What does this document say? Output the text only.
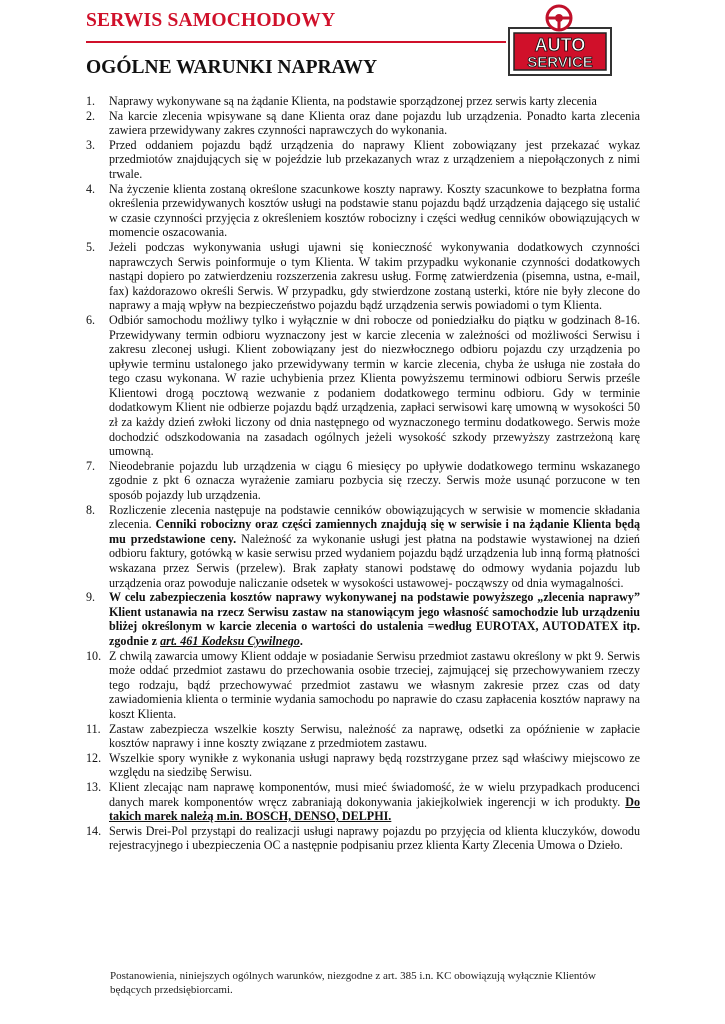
SERWIS SAMOCHODOWY
OGÓLNE WARUNKI NAPRAWY
AUTO
SERVICE
1. Naprawy wykonywane są na żądanie Klienta, na podstawie sporządzonej przez serwis karty zlecenia
2. Na karcie zlecenia wpisywane są dane Klienta oraz dane pojazdu lub urządzenia. Ponadto karta zlecenia zawiera przewidywany zakres czynności naprawczych do wykonania.
3. Przed oddaniem pojazdu bądź urządzenia do naprawy Klient zobowiązany jest przekazać wykaz przedmiotów znajdujących się w pojeździe lub przekazanych wraz z urządzeniem a niepołączonych z nimi trwale.
4. Na życzenie klienta zostaną określone szacunkowe koszty naprawy. Koszty szacunkowe to bezpłatna forma określenia przewidywanych kosztów usługi na podstawie stanu pojazdu bądź urządzenia dającego się ustalić w czasie czynności przyjęcia z określeniem kosztów robocizny i części według cenników obowiązujących w momencie oszacowania.
5. Jeżeli podczas wykonywania usługi ujawni się konieczność wykonywania dodatkowych czynności naprawczych Serwis poinformuje o tym Klienta. W takim przypadku wykonanie czynności dodatkowych nastąpi dopiero po zatwierdzeniu rozszerzenia zakresu usług. Formę zatwierdzenia (pisemna, ustna, e-mail, fax) każdorazowo określi Serwis. W przypadku, gdy stwierdzone zostaną usterki, które nie były zlecone do naprawy a mają wpływ na bezpieczeństwo pojazdu bądź urządzenia serwis powiadomi o tym Klienta.
6. Odbiór samochodu możliwy tylko i wyłącznie w dni robocze od poniedziałku do piątku w godzinach 8-16. Przewidywany termin odbioru wyznaczony jest w karcie zlecenia w zależności od możliwości Serwisu i zakresu zleconej usługi. Klient zobowiązany jest do niezwłocznego odbioru pojazdu czy urządzenia po upływie terminu ustalonego jako przewidywany termin w karcie zlecenia, chyba że usługa nie została do tego czasu wykonana. W razie uchybienia przez Klienta powyższemu terminowi odbioru Serwis prześle Klientowi drogą pocztową wezwanie z podaniem dodatkowego terminu odbioru. Gdy w terminie dodatkowym Klient nie odbierze pojazdu bądź urządzenia, zapłaci serwisowi karę umowną w wysokości 50 zł za każdy dzień zwłoki liczony od dnia następnego od wyznaczonego terminu dodatkowego. Serwis może dochodzić odszkodowania na zasadach ogólnych jeżeli wysokość szkody przewyższy zastrzeżoną karę umowną.
7. Nieodebranie pojazdu lub urządzenia w ciągu 6 miesięcy po upływie dodatkowego terminu wskazanego zgodnie z pkt 6 oznacza wyrażenie zamiaru pozbycia się rzeczy. Serwis może usunąć porzucone w ten sposób pojazdy lub urządzenia.
8. Rozliczenie zlecenia następuje na podstawie cenników obowiązujących w serwisie w momencie składania zlecenia. Cenniki robocizny oraz części zamiennych znajdują się w serwisie i na żądanie Klienta będą mu przedstawione ceny. Należność za wykonanie usługi jest płatna na podstawie wystawionej na dzień odbioru faktury, gotówką w kasie serwisu przed wydaniem pojazdu bądź urządzenia lub inną formą płatności wskazana przez Serwis (przelew). Brak zapłaty stanowi podstawę do odmowy wydania pojazdu lub urządzenia oraz powoduje naliczanie odsetek w wysokości ustawowej- począwszy od dnia wymagalności.
9. W celu zabezpieczenia kosztów naprawy wykonywanej na podstawie powyższego „zlecenia naprawy” Klient ustanawia na rzecz Serwisu zastaw na stanowiącym jego własność samochodzie lub urządzeniu bliżej określonym w karcie zlecenia o wartości do ustalenia =według EUROTAX, AUTODATEX itp. zgodnie z art. 461 Kodeksu Cywilnego.
10. Z chwilą zawarcia umowy Klient oddaje w posiadanie Serwisu przedmiot zastawu określony w pkt 9. Serwis może oddać przedmiot zastawu do przechowania osobie trzeciej, zajmującej się przechowywaniem rzeczy tego rodzaju, bądź przechowywać przedmiot zastawu we własnym zakresie przez czas od daty zawiadomienia klienta o terminie wydania samochodu po naprawie do czasu zapłacenia kosztów naprawy na koszt Klienta.
11. Zastaw zabezpiecza wszelkie koszty Serwisu, należność za naprawę, odsetki za opóźnienie w zapłacie kosztów naprawy i inne koszty związane z przedmiotem zastawu.
12. Wszelkie spory wynikłe z wykonania usługi naprawy będą rozstrzygane przez sąd właściwy miejscowo ze względu na siedzibę Serwisu.
13. Klient zlecając nam naprawę komponentów, musi mieć świadomość, że w wielu przypadkach producenci danych marek komponentów wręcz zabraniają dokonywania jakiejkolwiek ingerencji w ich produkty. Do takich marek należą m.in. BOSCH, DENSO, DELPHI.
14. Serwis Drei-Pol przystąpi do realizacji usługi naprawy pojazdu po przyjęcia od klienta kluczyków, dowodu rejestracyjnego i ubezpieczenia OC a następnie podpisaniu przez klienta Karty Zlecenia Umowa o Dzieło.
Postanowienia, niniejszych ogólnych warunków, niezgodne z art. 385 i.n. KC obowiązują wyłącznie Klientów będących przedsiębiorcami.
